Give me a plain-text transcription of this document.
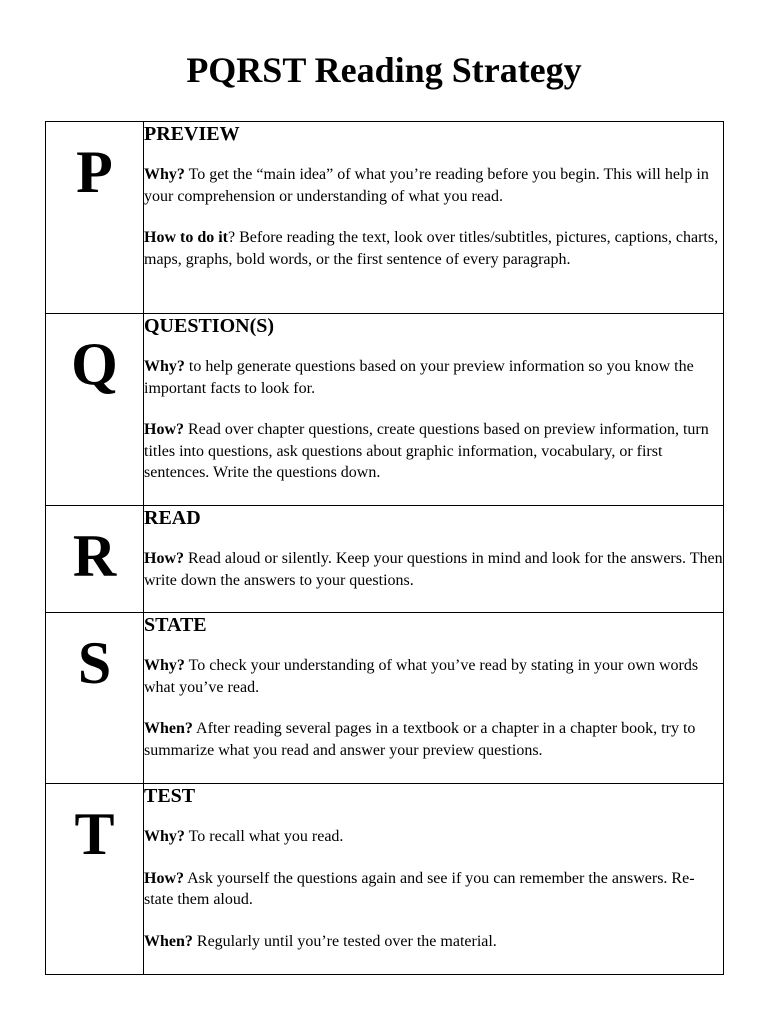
PQRST Reading Strategy
P	PREVIEW

Why? To get the “main idea” of what you’re reading before you begin. This will help in your comprehension or understanding of what you read.

How to do it? Before reading the text, look over titles/subtitles, pictures, captions, charts, maps, graphs, bold words, or the first sentence of every paragraph.

Q	QUESTION(S)

Why? to help generate questions based on your preview information so you know the important facts to look for.

How? Read over chapter questions, create questions based on preview information, turn titles into questions, ask questions about graphic information, vocabulary, or first sentences. Write the questions down.

R	READ

How? Read aloud or silently. Keep your questions in mind and look for the answers. Then write down the answers to your questions.

S	STATE

Why? To check your understanding of what you’ve read by stating in your own words what you’ve read.

When? After reading several pages in a textbook or a chapter in a chapter book, try to summarize what you read and answer your preview questions.

T	TEST

Why? To recall what you read.

How? Ask yourself the questions again and see if you can remember the answers. Re-state them aloud.

When? Regularly until you’re tested over the material.
